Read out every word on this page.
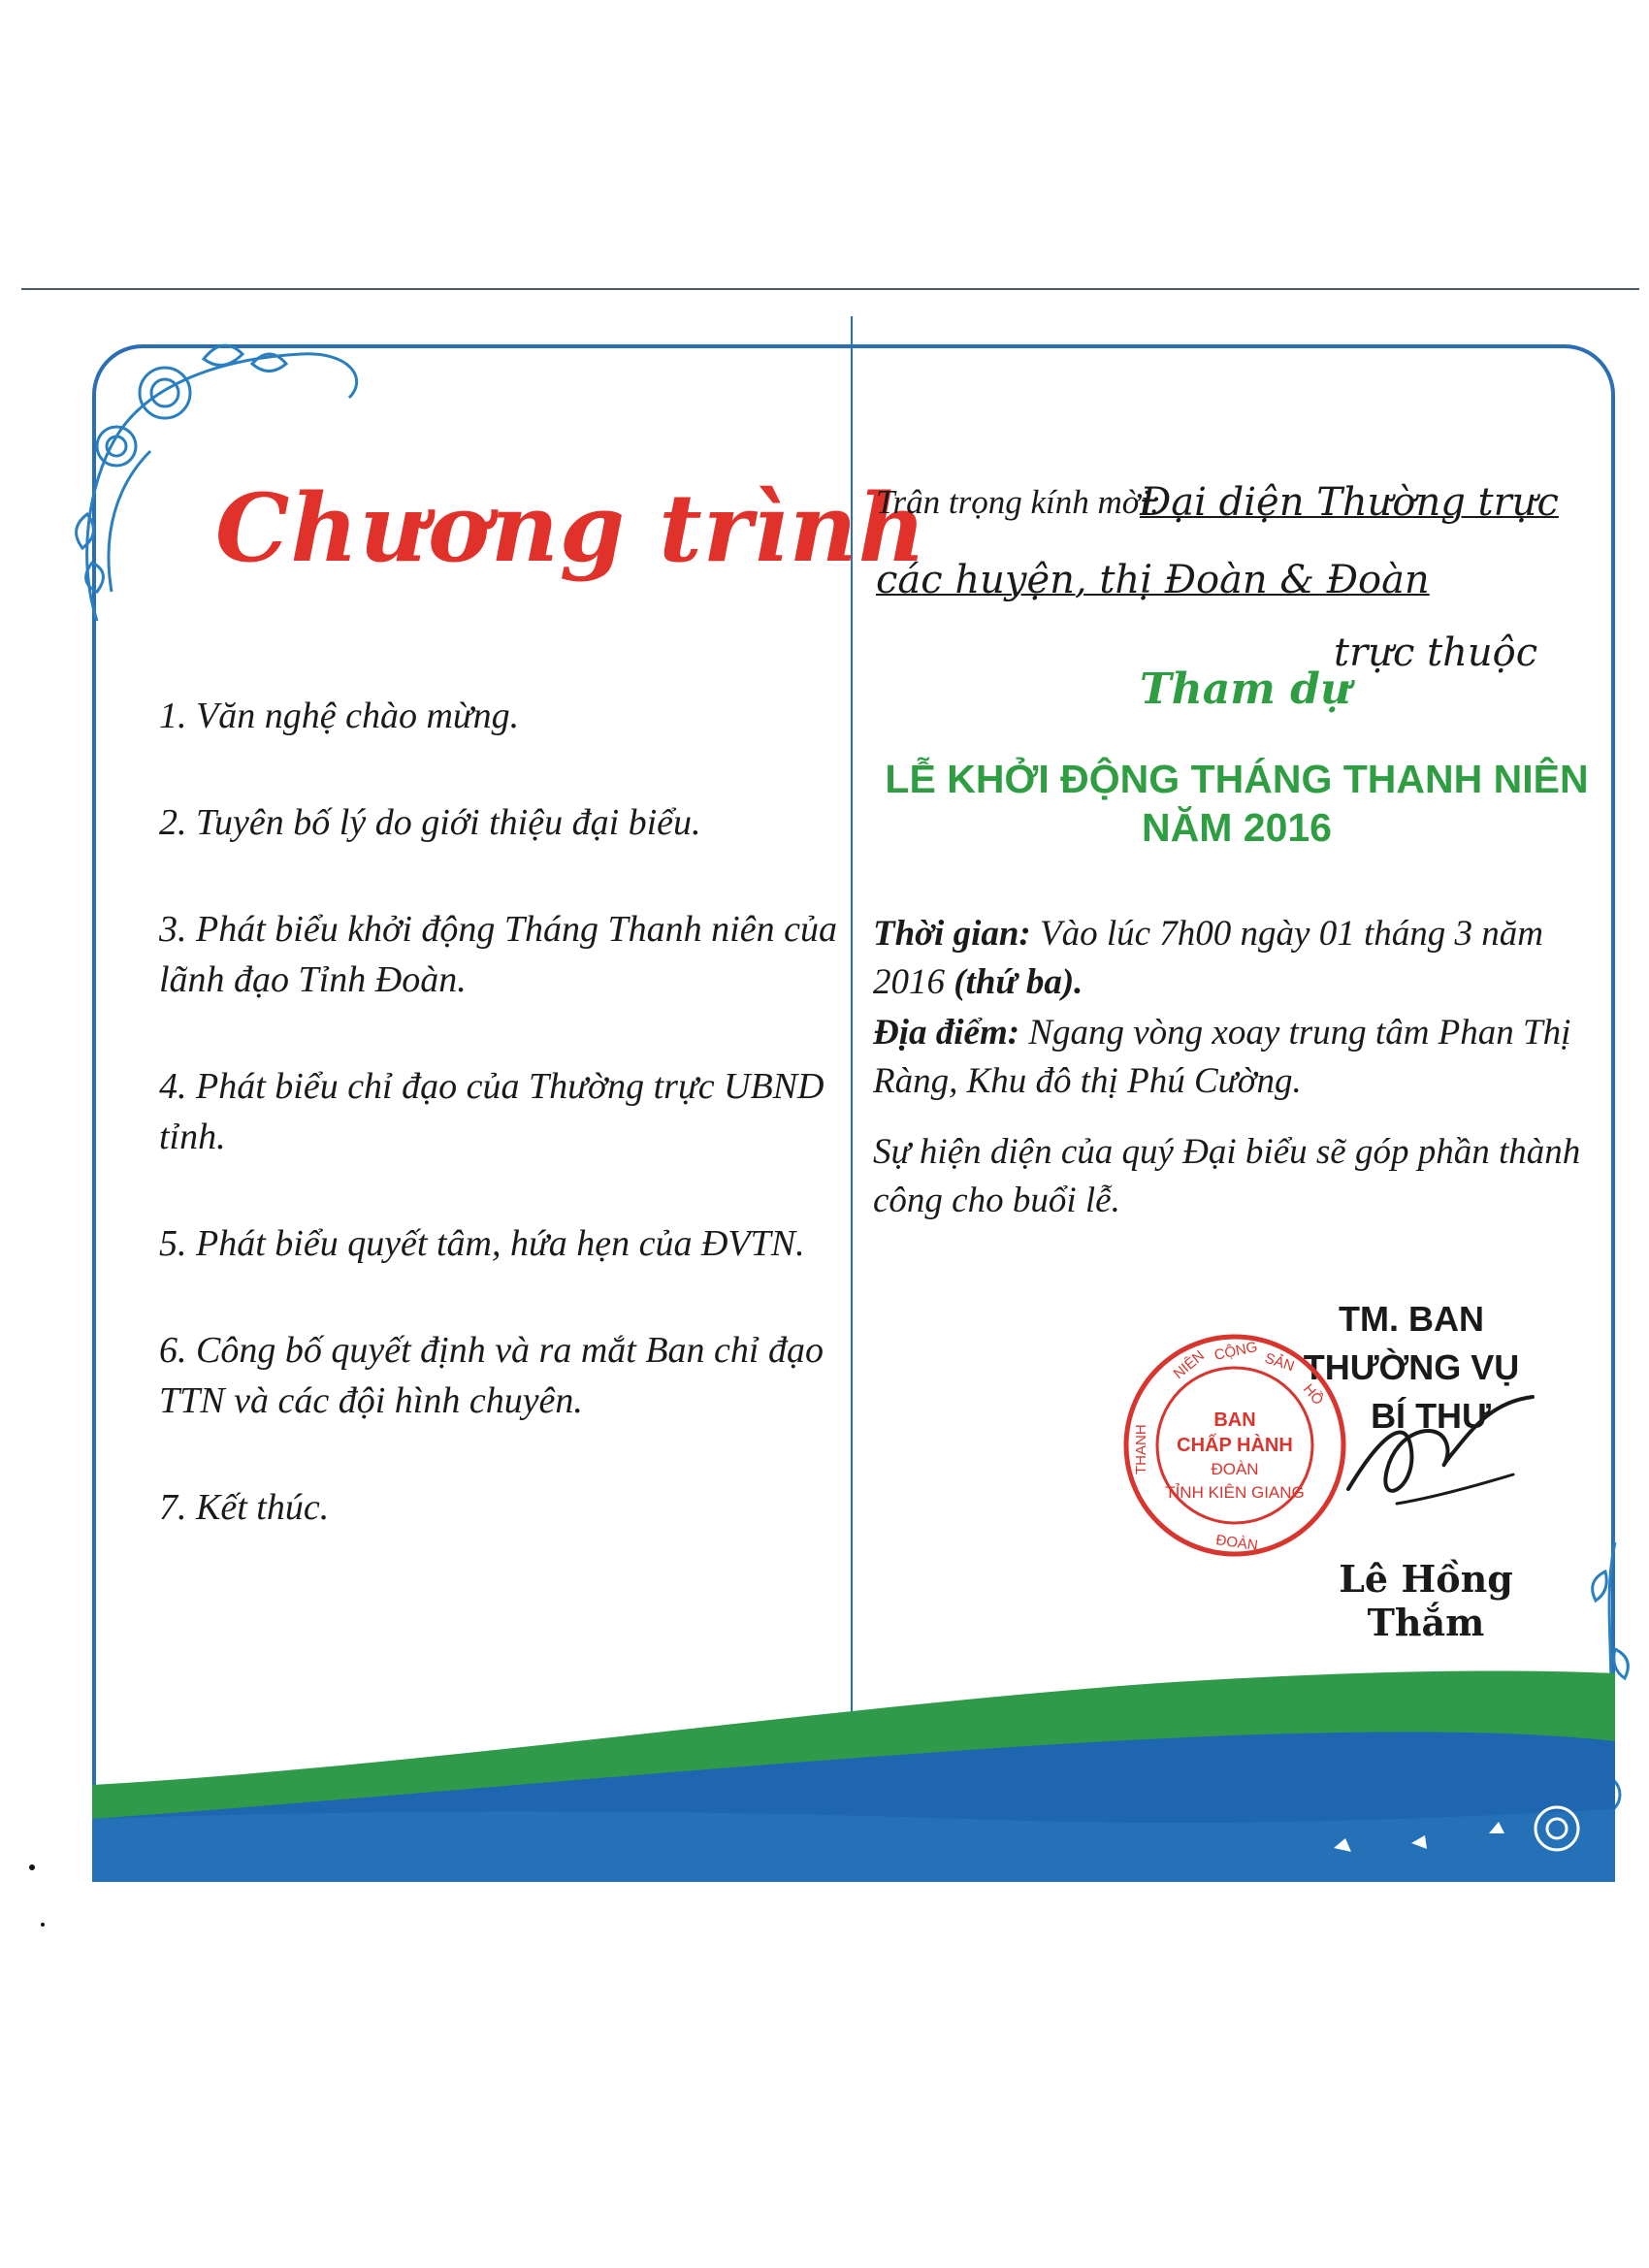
Chương trình
1. Văn nghệ chào mừng.
2. Tuyên bố lý do giới thiệu đại biểu.
3. Phát biểu khởi động Tháng Thanh niên của lãnh đạo Tỉnh Đoàn.
4. Phát biểu chỉ đạo của Thường trực UBND tỉnh.
5. Phát biểu quyết tâm, hứa hẹn của ĐVTN.
6. Công bố quyết định và ra mắt Ban chỉ đạo TTN và các đội hình chuyên.
7. Kết thúc.
Trân trọng kính mời:
Đại diện Thường trực
các huyện, thị Đoàn & Đoàn
trực thuộc
Tham dự
LỄ KHỞI ĐỘNG THÁNG THANH NIÊN
NĂM 2016
Thời gian: Vào lúc 7h00 ngày 01 tháng 3 năm 2016 (thứ ba).
Địa điểm: Ngang vòng xoay trung tâm Phan Thị Ràng, Khu đô thị Phú Cường.
Sự hiện diện của quý Đại biểu sẽ góp phần thành công cho buổi lễ.
TM. BAN THƯỜNG VỤ
BÍ THƯ
BAN
CHẤP HÀNH
ĐOÀN
TỈNH KIÊN GIANG
NIÊN CỘNG SẢN
HỒ
THANH
ĐOÀN
Lê Hồng Thắm
